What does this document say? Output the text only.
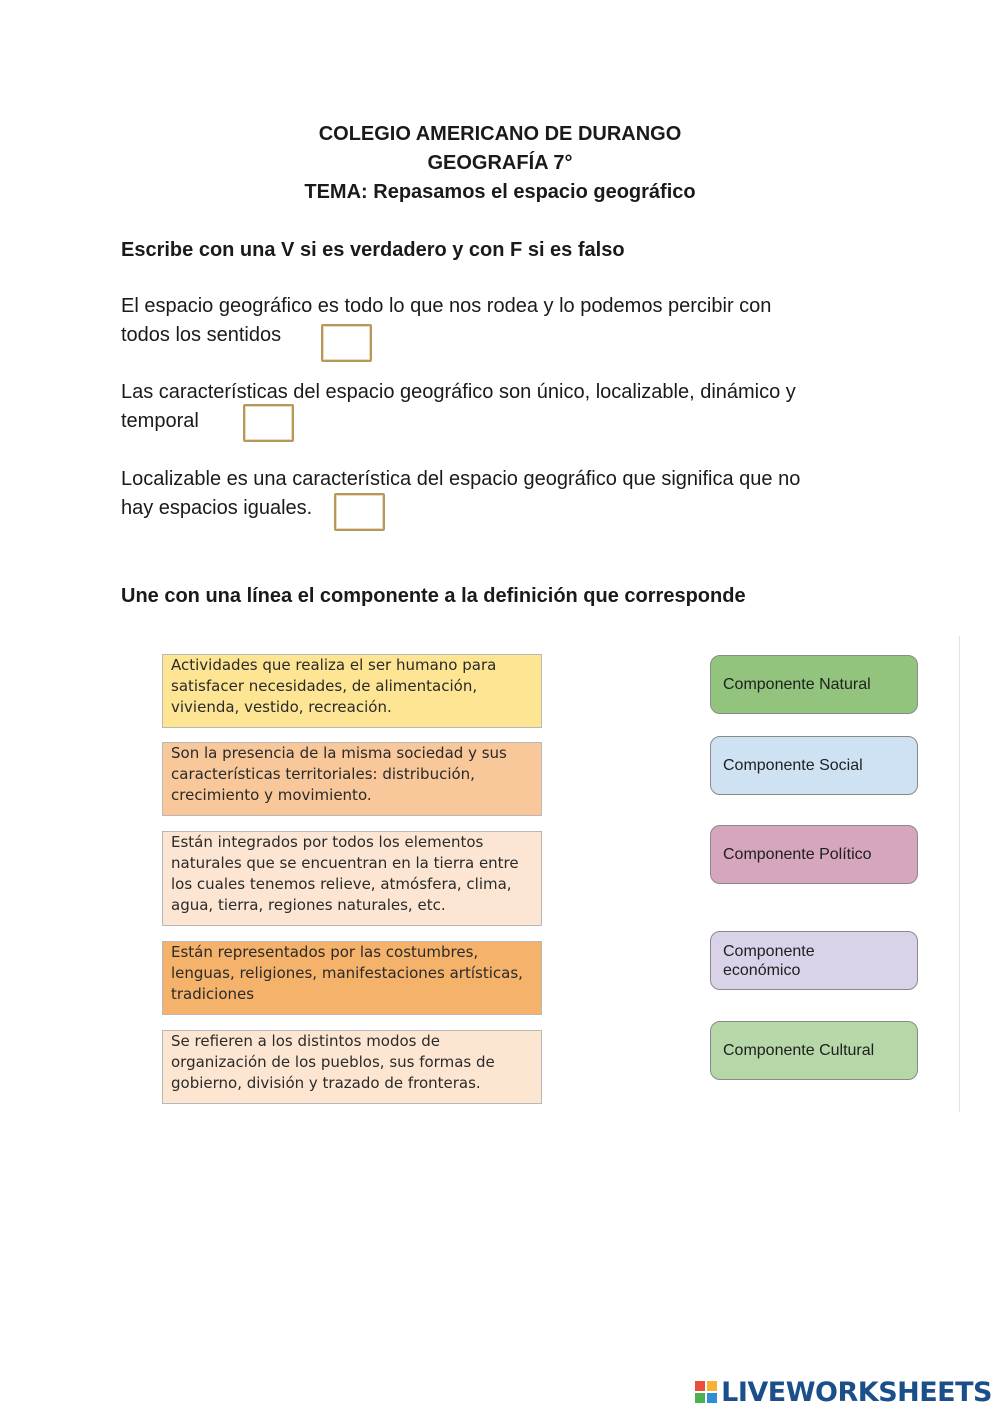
COLEGIO AMERICANO DE DURANGO
GEOGRAFÍA 7°
TEMA: Repasamos el espacio geográfico
Escribe con una V si es verdadero y con F si es falso
El espacio geográfico es todo lo que nos rodea y lo podemos percibir con
todos los sentidos
Las características del espacio geográfico son único, localizable, dinámico y
temporal
Localizable es una característica del espacio geográfico que significa que no
hay espacios iguales.
Une con una línea el componente a la definición que corresponde
Actividades que realiza el ser humano para satisfacer necesidades, de alimentación, vivienda, vestido, recreación.
Son la presencia de la misma sociedad y sus características territoriales: distribución, crecimiento y movimiento.
Están integrados por todos los elementos naturales que se encuentran en la tierra entre los cuales tenemos relieve, atmósfera, clima, agua, tierra, regiones naturales, etc.
Están representados por las costumbres, lenguas, religiones, manifestaciones artísticas, tradiciones
Se refieren a los distintos modos de organización de los pueblos, sus formas de gobierno, división y trazado de fronteras.
Componente Natural
Componente Social
Componente Político
Componente económico
Componente Cultural
LIVEWORKSHEETS
